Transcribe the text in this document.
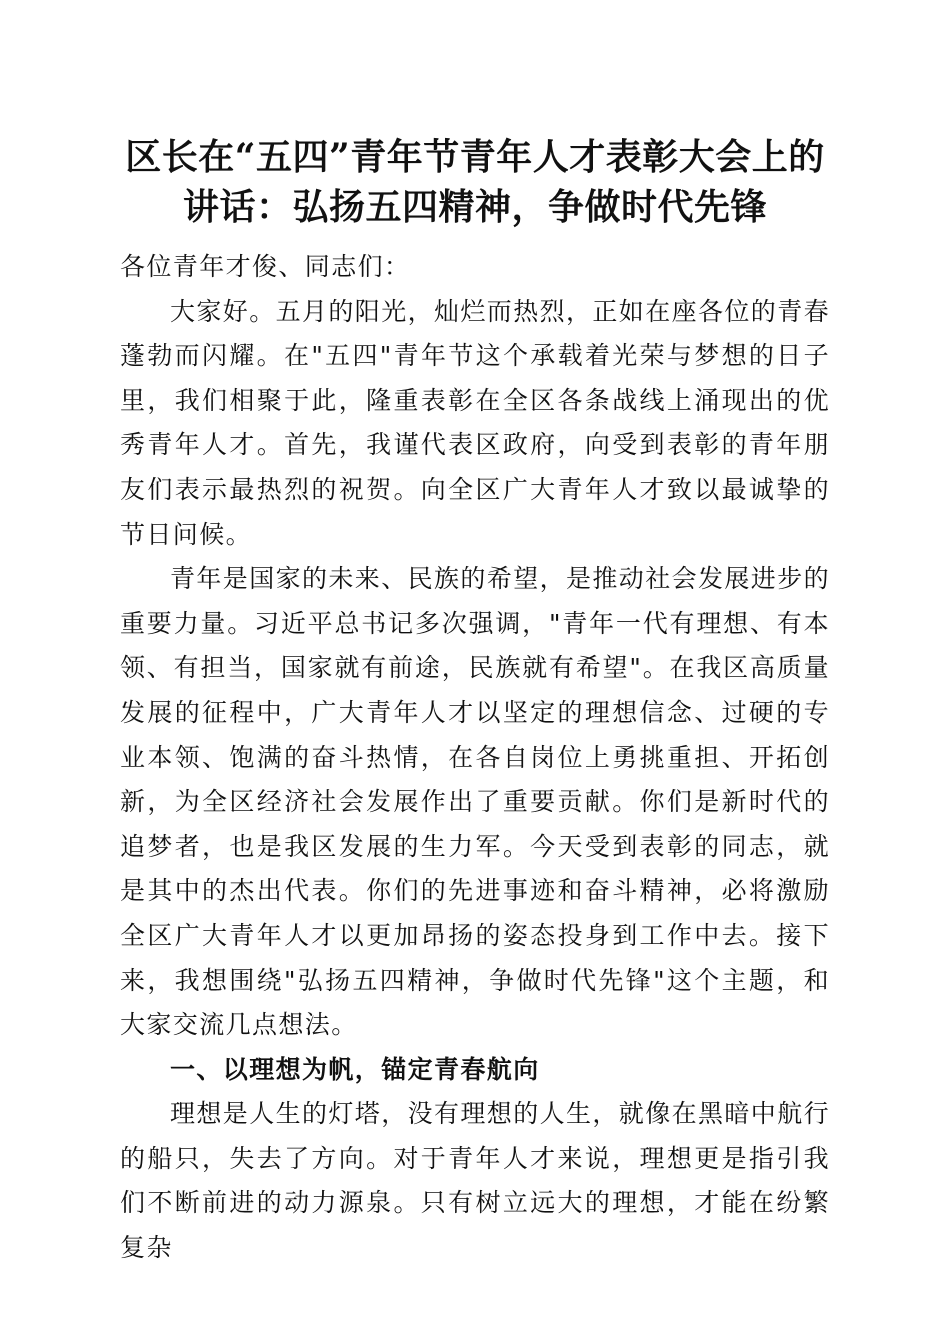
区长在“五四”青年节青年人才表彰大会上的
讲话：弘扬五四精神，争做时代先锋

各位青年才俊、同志们：

大家好。五月的阳光，灿烂而热烈，正如在座各位的青春蓬勃而闪耀。在"五四"青年节这个承载着光荣与梦想的日子里，我们相聚于此，隆重表彰在全区各条战线上涌现出的优秀青年人才。首先，我谨代表区政府，向受到表彰的青年朋友们表示最热烈的祝贺。向全区广大青年人才致以最诚挚的节日问候。

青年是国家的未来、民族的希望，是推动社会发展进步的重要力量。习近平总书记多次强调，"青年一代有理想、有本领、有担当，国家就有前途，民族就有希望"。在我区高质量发展的征程中，广大青年人才以坚定的理想信念、过硬的专业本领、饱满的奋斗热情，在各自岗位上勇挑重担、开拓创新，为全区经济社会发展作出了重要贡献。你们是新时代的追梦者，也是我区发展的生力军。今天受到表彰的同志，就是其中的杰出代表。你们的先进事迹和奋斗精神，必将激励全区广大青年人才以更加昂扬的姿态投身到工作中去。接下来，我想围绕"弘扬五四精神，争做时代先锋"这个主题，和大家交流几点想法。

一、以理想为帆，锚定青春航向

理想是人生的灯塔，没有理想的人生，就像在黑暗中航行的船只，失去了方向。对于青年人才来说，理想更是指引我们不断前进的动力源泉。只有树立远大的理想，才能在纷繁复杂
